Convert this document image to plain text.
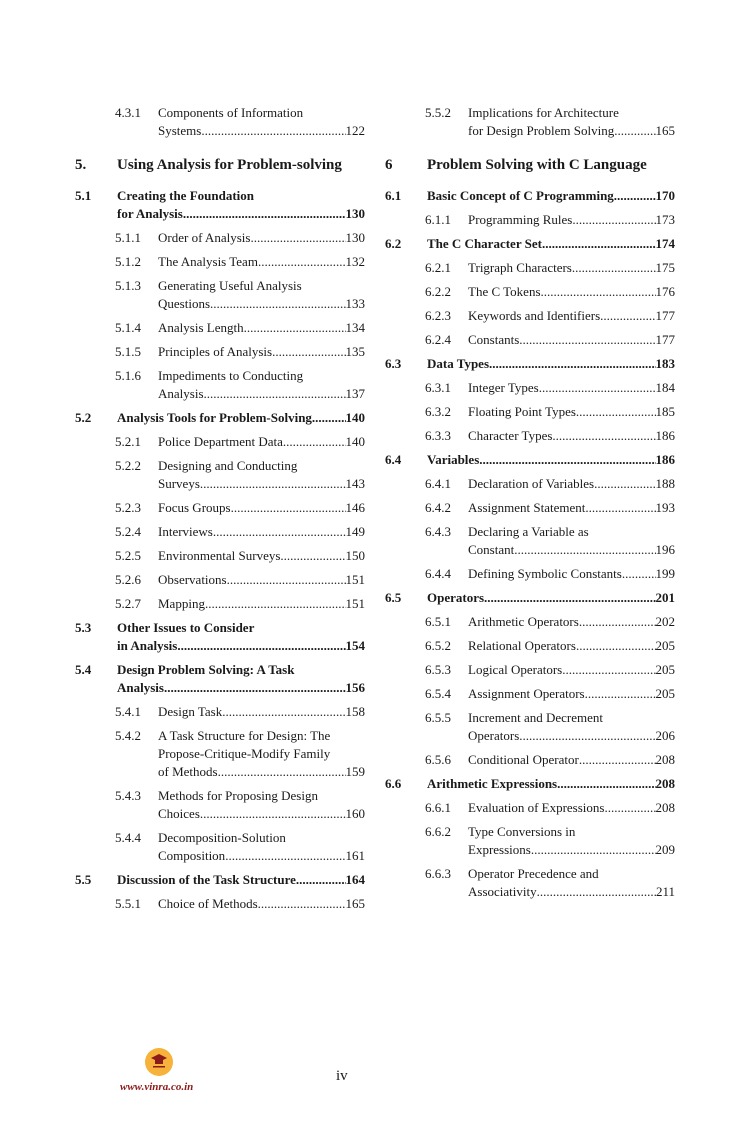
4.3.1 Components of Information
Systems .....	122
5. Using Analysis for Problem-solving
5.1 Creating the Foundation
for Analysis .....	130
5.1.1 Order of Analysis .....	130
5.1.2 The Analysis Team .....	132
5.1.3 Generating Useful Analysis
Questions .....	133
5.1.4 Analysis Length .....	134
5.1.5 Principles of Analysis .....	135
5.1.6 Impediments to Conducting
Analysis .....	137
5.2 Analysis Tools for Problem-Solving .....	140
5.2.1 Police Department Data .....	140
5.2.2 Designing and Conducting
Surveys .....	143
5.2.3 Focus Groups .....	146
5.2.4 Interviews .....	149
5.2.5 Environmental Surveys .....	150
5.2.6 Observations .....	151
5.2.7 Mapping .....	151
5.3 Other Issues to Consider
in Analysis .....	154
5.4 Design Problem Solving: A Task
Analysis .....	156
5.4.1 Design Task .....	158
5.4.2 A Task Structure for Design: The
Propose-Critique-Modify Family
of Methods .....	159
5.4.3 Methods for Proposing Design
Choices .....	160
5.4.4 Decomposition-Solution
Composition .....	161
5.5 Discussion of the Task Structure .....	164
5.5.1 Choice of Methods .....	165
5.5.2 Implications for Architecture
for Design Problem Solving .....	165
6 Problem Solving with C Language
6.1 Basic Concept of C Programming .....	170
6.1.1 Programming Rules .....	173
6.2 The C Character Set .....	174
6.2.1 Trigraph Characters .....	175
6.2.2 The C Tokens .....	176
6.2.3 Keywords and Identifiers .....	177
6.2.4 Constants .....	177
6.3 Data Types .....	183
6.3.1 Integer Types .....	184
6.3.2 Floating Point Types .....	185
6.3.3 Character Types .....	186
6.4 Variables .....	186
6.4.1 Declaration of Variables .....	188
6.4.2 Assignment Statement .....	193
6.4.3 Declaring a Variable as
Constant .....	196
6.4.4 Defining Symbolic Constants .....	199
6.5 Operators .....	201
6.5.1 Arithmetic Operators .....	202
6.5.2 Relational Operators .....	205
6.5.3 Logical Operators .....	205
6.5.4 Assignment Operators .....	205
6.5.5 Increment and Decrement
Operators .....	206
6.5.6 Conditional Operator .....	208
6.6 Arithmetic Expressions .....	208
6.6.1 Evaluation of Expressions .....	208
6.6.2 Type Conversions in
Expressions .....	209
6.6.3 Operator Precedence and
Associativity .....	211
www.vinra.co.in
iv
